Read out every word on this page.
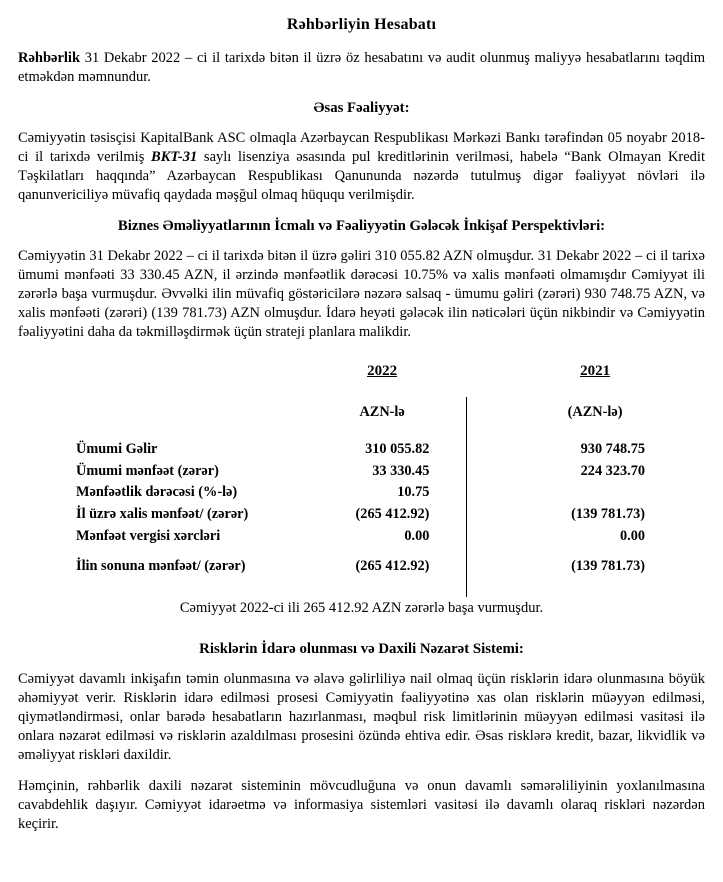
Rəhbərliyin Hesabatı

Rəhbərlik 31 Dekabr 2022 – ci il tarixdə bitən il üzrə öz hesabatını və audit olunmuş maliyyə hesabatlarını təqdim etməkdən məmnundur.

Əsas Fəaliyyət:

Cəmiyyətin təsisçisi KapitalBank ASC olmaqla Azərbaycan Respublikası Mərkəzi Bankı tərəfindən 05 noyabr 2018-ci il tarixdə verilmiş BKT-31 saylı lisenziya əsasında pul kreditlərinin verilməsi, habelə “Bank Olmayan Kredit Təşkilatları haqqında” Azərbaycan Respublikası Qanununda nəzərdə tutulmuş digər fəaliyyət növləri ilə qanunvericiliyə müvafiq qaydada məşğul olmaq hüququ verilmişdir.

Biznes Əməliyyatlarının İcmalı və Fəaliyyətin Gələcək İnkişaf Perspektivləri:

Cəmiyyətin 31 Dekabr 2022 – ci il tarixdə bitən il üzrə gəliri 310 055.82 AZN olmuşdur. 31 Dekabr 2022 – ci il tarixə ümumi mənfəəti 33 330.45 AZN, il ərzində mənfəətlik dərəcəsi 10.75% və xalis mənfəəti olmamışdır Cəmiyyət ili zərərlə başa vurmuşdur. Əvvəlki ilin müvafiq göstəricilərə nəzərə salsaq - ümumu gəliri (zərəri) 930 748.75 AZN, və xalis mənfəəti (zərəri) (139 781.73) AZN olmuşdur. İdarə heyəti gələcək ilin nəticələri üçün nikbindir və Cəmiyyətin fəaliyyətini daha da təkmilləşdirmək üçün strateji planlara malikdir.

	2022		2021
	AZN-lə		(AZN-lə)
Ümumi Gəlir	310 055.82		930 748.75
Ümumi mənfəət (zərər)	33 330.45		224 323.70
Mənfəətlik dərəcəsi (%-lə)	10.75		
İl üzrə xalis mənfəət/ (zərər)	(265 412.92)		(139 781.73)
Mənfəət vergisi xərcləri	0.00		0.00
İlin sonuna mənfəət/ (zərər)	(265 412.92)		(139 781.73)
Cəmiyyət 2022-ci ili 265 412.92 AZN zərərlə başa vurmuşdur.
Risklərin İdarə olunması və Daxili Nəzarət Sistemi:

Cəmiyyət davamlı inkişafın təmin olunmasına və əlavə gəlirliliyə nail olmaq üçün risklərin idarə olunmasına böyük əhəmiyyət verir. Risklərin idarə edilməsi prosesi Cəmiyyətin fəaliyyətinə xas olan risklərin müəyyən edilməsi, qiymətləndirməsi, onlar barədə hesabatların hazırlanması, məqbul risk limitlərinin müəyyən edilməsi vasitəsi ilə onlara nəzarət edilməsi və risklərin azaldılması prosesini özündə ehtiva edir. Əsas risklərə kredit, bazar, likvidlik və əməliyyat riskləri daxildir.

Həmçinin, rəhbərlik daxili nəzarət sisteminin mövcudluğuna və onun davamlı səmərəliliyinin yoxlanılmasına cavabdehlik daşıyır. Cəmiyyət idarəetmə və informasiya sistemləri vasitəsi ilə davamlı olaraq riskləri nəzərdən keçirir.
